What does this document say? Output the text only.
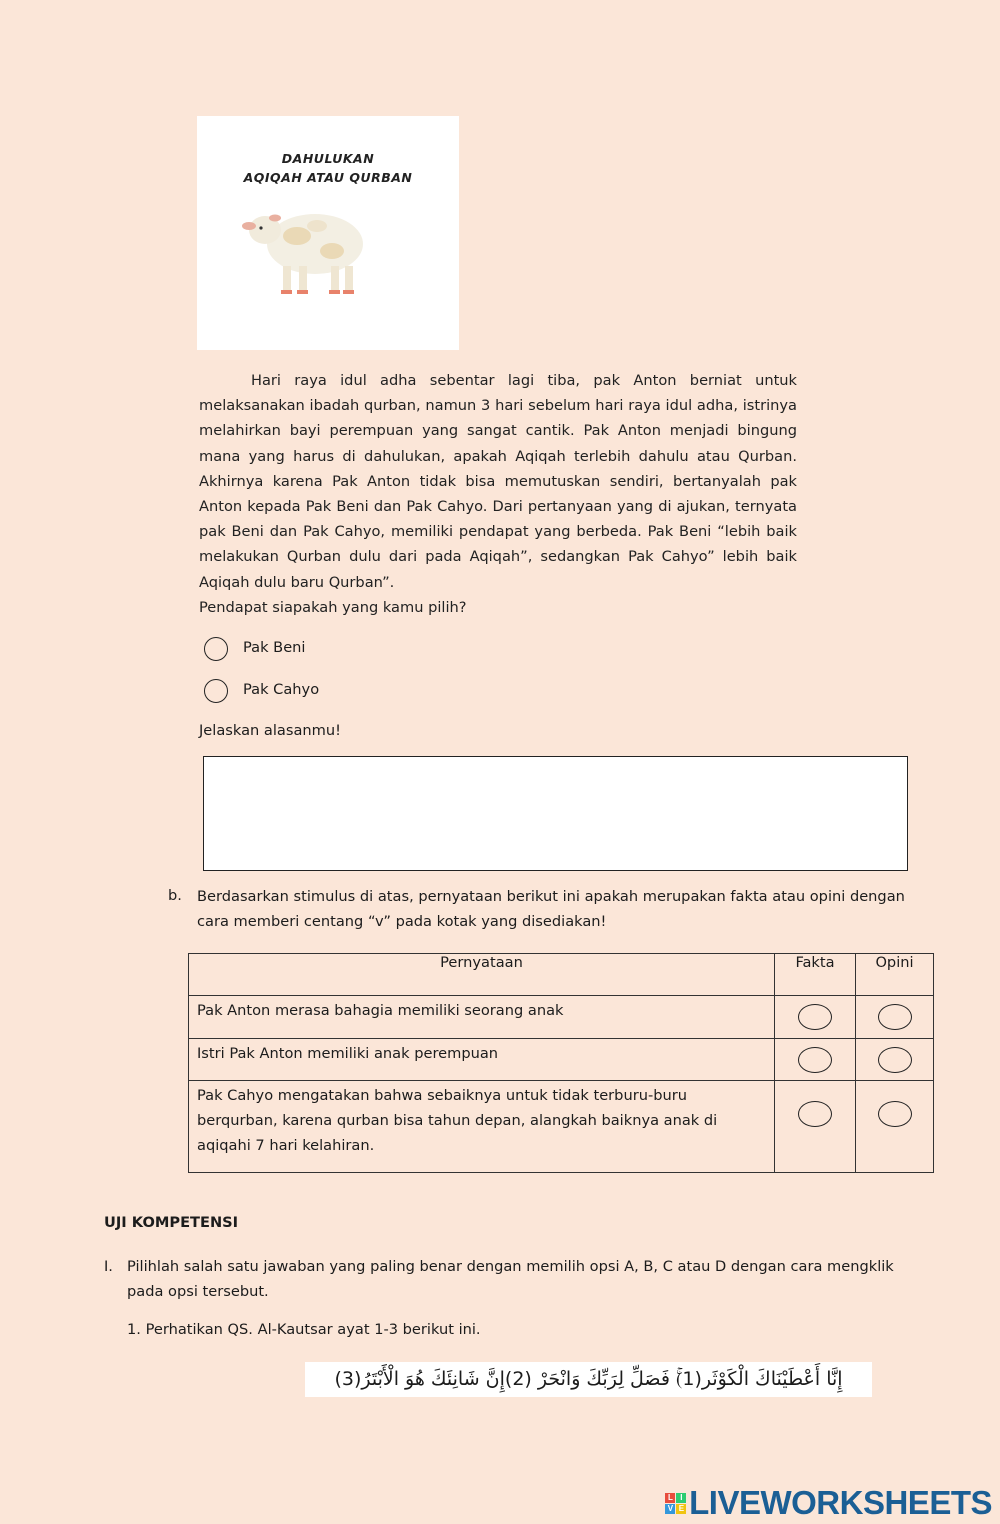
DAHULUKAN
AQIQAH ATAU QURBAN

Hari raya idul adha sebentar lagi tiba, pak Anton berniat untuk melaksanakan ibadah qurban, namun 3 hari sebelum hari raya idul adha, istrinya melahirkan bayi perempuan yang sangat cantik. Pak Anton menjadi bingung mana yang harus di dahulukan, apakah Aqiqah terlebih dahulu atau Qurban. Akhirnya karena Pak Anton tidak bisa memutuskan sendiri, bertanyalah pak Anton kepada Pak Beni dan Pak Cahyo. Dari pertanyaan yang di ajukan, ternyata pak Beni dan Pak Cahyo, memiliki pendapat yang berbeda. Pak Beni “lebih baik melakukan Qurban dulu dari pada Aqiqah”, sedangkan Pak Cahyo” lebih baik Aqiqah dulu baru Qurban”.

Pendapat siapakah yang kamu pilih?

Pak Beni
Pak Cahyo
Jelaskan alasanmu!
b. Berdasarkan stimulus di atas, pernyataan berikut ini apakah merupakan fakta atau opini dengan cara memberi centang “v” pada kotak yang disediakan!
Pernyataan	Fakta	Opini
Pak Anton merasa bahagia memiliki seorang anak	

Istri Pak Anton memiliki anak perempuan	

Pak Cahyo mengatakan bahwa sebaiknya untuk tidak terburu-buru berqurban, karena qurban bisa tahun depan, alangkah baiknya anak di aqiqahi 7 hari kelahiran.	

UJI KOMPETENSI
I. Pilihlah salah satu jawaban yang paling benar dengan memilih opsi A, B, C atau D dengan cara mengklik pada opsi tersebut.
1. Perhatikan QS. Al-Kautsar ayat 1-3 berikut ini.
إِنَّا أَعْطَيْنَاكَ الْكَوْثَر(1)ۚ فَصَلِّ لِرَبِّكَ وَانْحَرْ (2)إِنَّ شَانِئَكَ هُوَ الْأَبْتَرُ(3)
L I
V E LIVEWORKSHEETS
